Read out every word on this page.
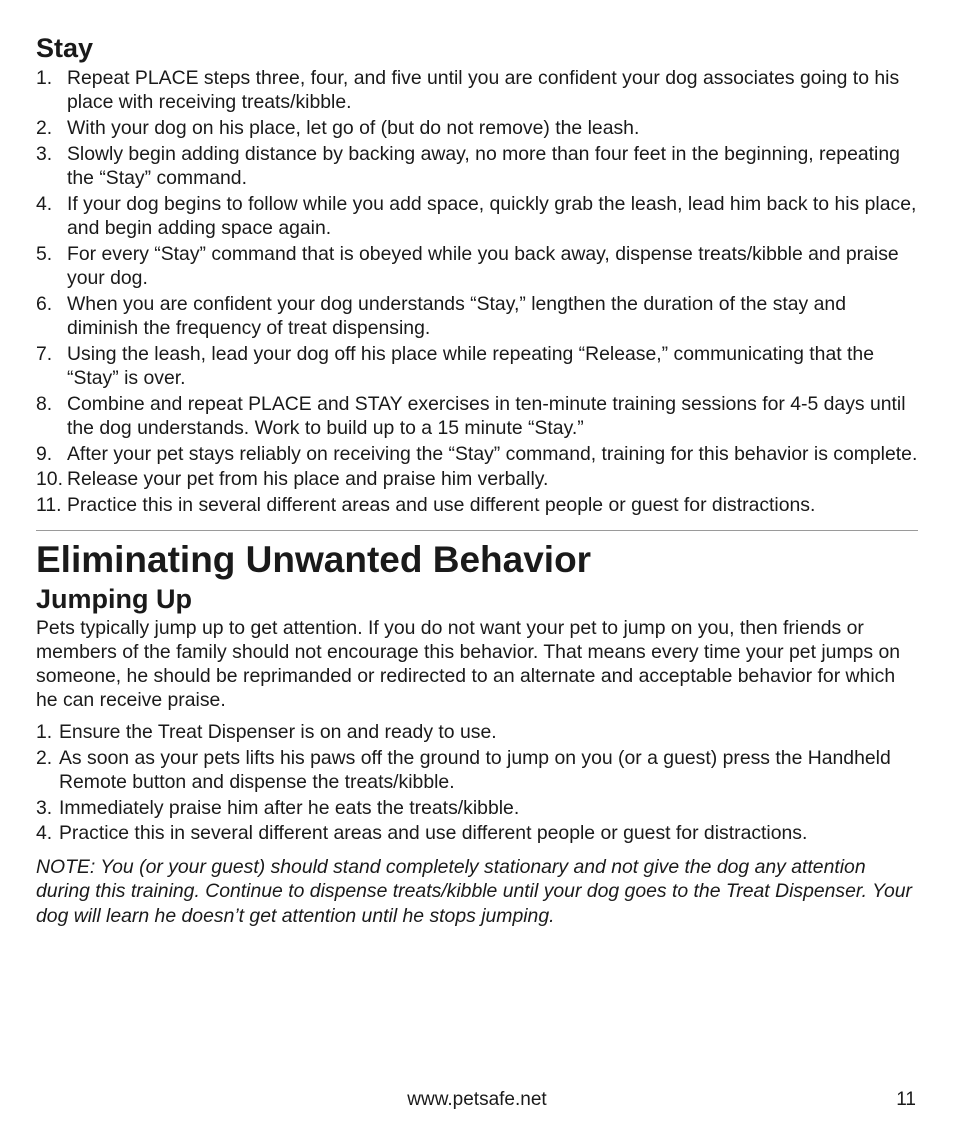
Stay
1. Repeat PLACE steps three, four, and five until you are confident your dog associates going to his place with receiving treats/kibble.
2. With your dog on his place, let go of (but do not remove) the leash.
3. Slowly begin adding distance by backing away, no more than four feet in the beginning, repeating the “Stay” command.
4. If your dog begins to follow while you add space, quickly grab the leash, lead him back to his place, and begin adding space again.
5. For every “Stay” command that is obeyed while you back away, dispense treats/kibble and praise your dog.
6. When you are confident your dog understands “Stay,” lengthen the duration of the stay and diminish the frequency of treat dispensing.
7. Using the leash, lead your dog off his place while repeating “Release,” communicating that the “Stay” is over.
8. Combine and repeat PLACE and STAY exercises in ten-minute training sessions for 4-5 days until the dog understands. Work to build up to a 15 minute “Stay.”
9. After your pet stays reliably on receiving the “Stay” command, training for this behavior is complete.
10. Release your pet from his place and praise him verbally.
11. Practice this in several different areas and use different people or guest for distractions.
Eliminating Unwanted Behavior
Jumping Up

Pets typically jump up to get attention. If you do not want your pet to jump on you, then friends or members of the family should not encourage this behavior. That means every time your pet jumps on someone, he should be reprimanded or redirected to an alternate and acceptable behavior for which he can receive praise.

1. Ensure the Treat Dispenser is on and ready to use.
2. As soon as your pets lifts his paws off the ground to jump on you (or a guest) press the Handheld Remote button and dispense the treats/kibble.
3. Immediately praise him after he eats the treats/kibble.
4. Practice this in several different areas and use different people or guest for distractions.

NOTE: You (or your guest) should stand completely stationary and not give the dog any attention during this training. Continue to dispense treats/kibble until your dog goes to the Treat Dispenser. Your dog will learn he doesn’t get attention until he stops jumping.

www.petsafe.net	11
